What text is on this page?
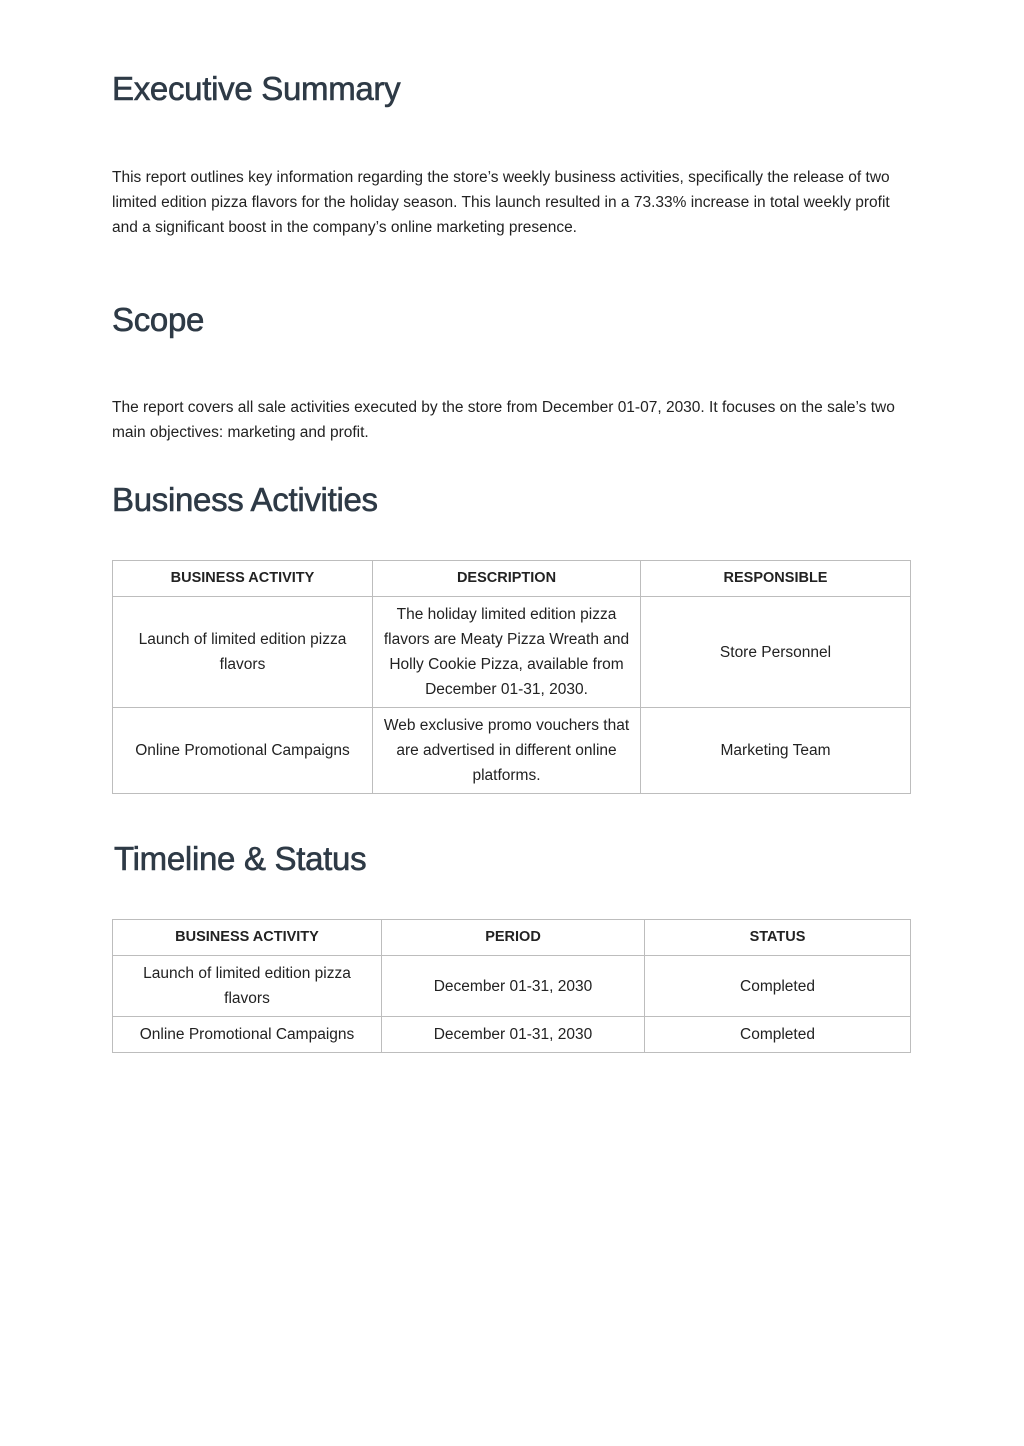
Executive Summary

This report outlines key information regarding the store’s weekly business activities, specifically the release of two limited edition pizza flavors for the holiday season. This launch resulted in a 73.33% increase in total weekly profit and a significant boost in the company’s online marketing presence.

Scope

The report covers all sale activities executed by the store from December 01-07, 2030. It focuses on the sale’s two main objectives: marketing and profit.

Business Activities
BUSINESS ACTIVITY	DESCRIPTION	RESPONSIBLE
Launch of limited edition pizza flavors	The holiday limited edition pizza flavors are Meaty Pizza Wreath and Holly Cookie Pizza, available from December 01-31, 2030.	Store Personnel
Online Promotional Campaigns	Web exclusive promo vouchers that are advertised in different online platforms.	Marketing Team
Timeline & Status
BUSINESS ACTIVITY	PERIOD	STATUS
Launch of limited edition pizza flavors	December 01-31, 2030	Completed
Online Promotional Campaigns	December 01-31, 2030	Completed
